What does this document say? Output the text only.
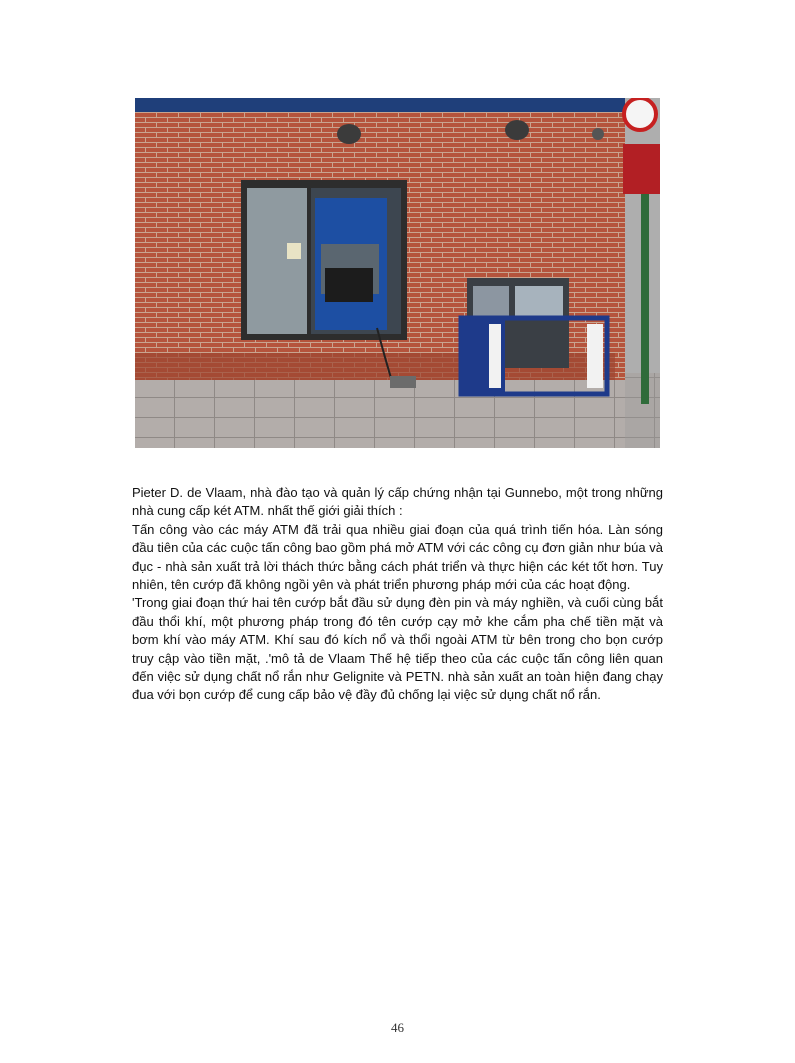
Pieter D. de Vlaam, nhà đào tạo và quản lý cấp chứng nhận tại Gunnebo, một trong những nhà cung cấp két ATM. nhất thế giới giải thích :

Tấn công vào các máy ATM đã trải qua nhiều giai đoạn của quá trình tiến hóa. Làn sóng đầu tiên của các cuộc tấn công bao gồm phá mở ATM với các công cụ đơn giản như búa và đục - nhà sản xuất trả lời thách thức bằng cách phát triển và thực hiện các két tốt hơn. Tuy nhiên, tên cướp đã không ngồi yên và phát triển phương pháp mới của các hoạt động.

'Trong giai đoạn thứ hai tên cướp bắt đầu sử dụng đèn pin và máy nghiền, và cuối cùng bắt đầu thổi khí, một phương pháp trong đó tên cướp cạy mở khe cắm pha chế tiền mặt và bơm khí vào máy ATM. Khí sau đó kích nổ và thổi ngoài ATM từ bên trong cho bọn cướp truy cập vào tiền mặt, .'mô tả de Vlaam Thế hệ tiếp theo của các cuộc tấn công liên quan đến việc sử dụng chất nổ rắn như Gelignite và PETN. nhà sản xuất an toàn hiện đang chạy đua với bọn cướp để cung cấp bảo vệ đầy đủ chống lại việc sử dụng chất nổ rắn.

46
